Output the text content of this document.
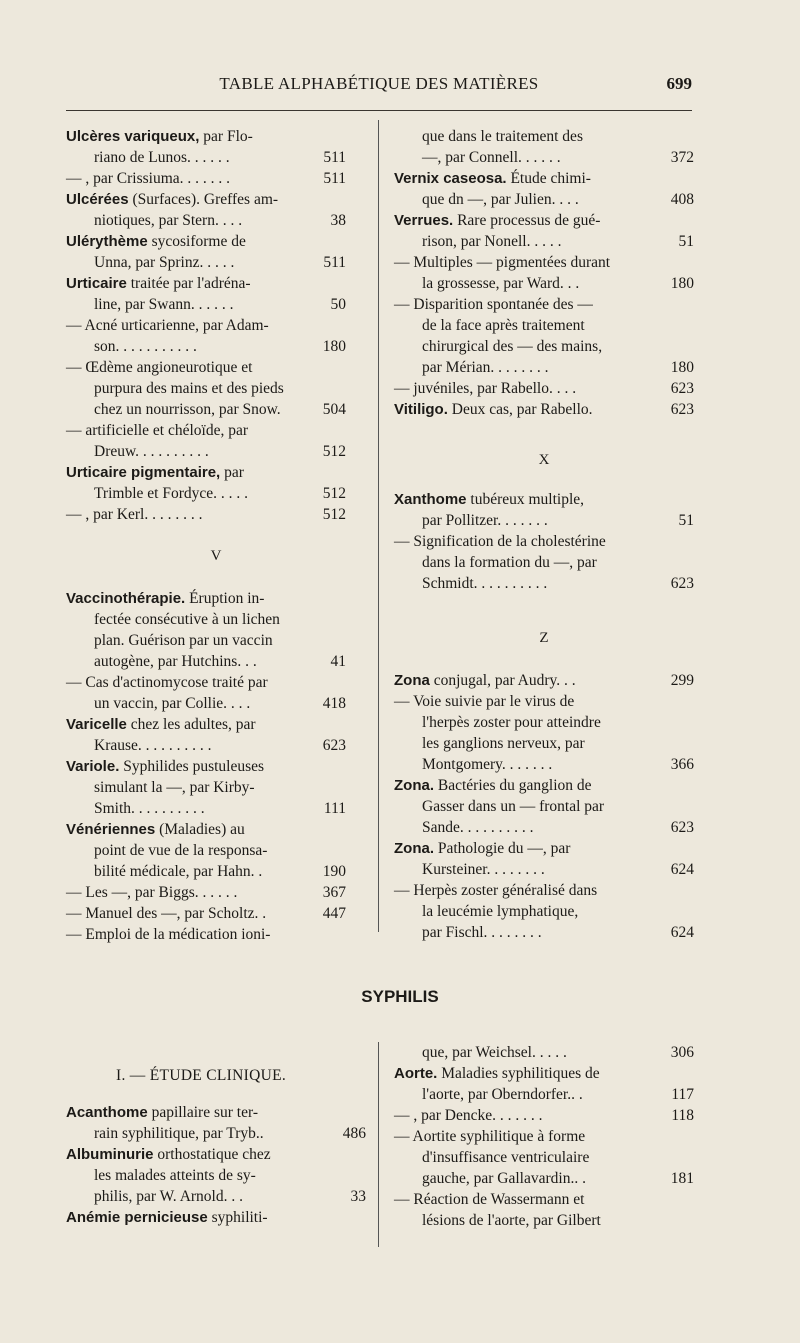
TABLE ALPHABÉTIQUE DES MATIÈRES	699
Ulcères variqueux, par Flo-
riano de Lunos. . . . . .	511
— , par Crissiuma. . . . . . .	511
Ulcérées (Surfaces). Greffes am-
niotiques, par Stern. . . .	38
Ulérythème sycosiforme de
Unna, par Sprinz. . . . .	511
Urticaire traitée par l'adréna-
line, par Swann. . . . . .	50
— Acné urticarienne, par Adam-
son. . . . . . . . . . .	180
— Œdème angioneurotique et
purpura des mains et des pieds
chez un nourrisson, par Snow.	504
— artificielle et chéloïde, par
Dreuw. . . . . . . . . .	512
Urticaire pigmentaire, par
Trimble et Fordyce. . . . .	512
— , par Kerl. . . . . . . .	512
V
Vaccinothérapie. Éruption in-
fectée consécutive à un lichen
plan. Guérison par un vaccin
autogène, par Hutchins. . .	41
— Cas d'actinomycose traité par
un vaccin, par Collie. . . .	418
Varicelle chez les adultes, par
Krause. . . . . . . . . .	623
Variole. Syphilides pustuleuses
simulant la —, par Kirby-
Smith. . . . . . . . . .	111
Vénériennes (Maladies) au
point de vue de la responsa-
bilité médicale, par Hahn. .	190
— Les —, par Biggs. . . . . .	367
— Manuel des —, par Scholtz. .	447
— Emploi de la médication ioni-
que dans le traitement des
—, par Connell. . . . . .	372
Vernix caseosa. Étude chimi-
que dn —, par Julien. . . .	408
Verrues. Rare processus de gué-
rison, par Nonell. . . . .	51
— Multiples — pigmentées durant
la grossesse, par Ward. . .	180
— Disparition spontanée des —
de la face après traitement
chirurgical des — des mains,
par Mérian. . . . . . . .	180
— juvéniles, par Rabello. . . .	623
Vitiligo. Deux cas, par Rabello.	623
X
Xanthome tubéreux multiple,
par Pollitzer. . . . . . .	51
— Signification de la cholestérine
dans la formation du —, par
Schmidt. . . . . . . . . .	623
Z
Zona conjugal, par Audry. . .	299
— Voie suivie par le virus de
l'herpès zoster pour atteindre
les ganglions nerveux, par
Montgomery. . . . . . .	366
Zona. Bactéries du ganglion de
Gasser dans un — frontal par
Sande. . . . . . . . . .	623
Zona. Pathologie du —, par
Kursteiner. . . . . . . .	624
— Herpès zoster généralisé dans
la leucémie lymphatique,
par Fischl. . . . . . . .	624
SYPHILIS
I. — ÉTUDE CLINIQUE.
Acanthome papillaire sur ter-
rain syphilitique, par Tryb..	486
Albuminurie orthostatique chez
les malades atteints de sy-
philis, par W. Arnold. . .	33
Anémie pernicieuse syphiliti-
que, par Weichsel. . . . .	306
Aorte. Maladies syphilitiques de
l'aorte, par Oberndorfer.. .	117
— , par Dencke. . . . . . .	118
— Aortite syphilitique à forme
d'insuffisance ventriculaire
gauche, par Gallavardin.. .	181
— Réaction de Wassermann et
lésions de l'aorte, par Gilbert
